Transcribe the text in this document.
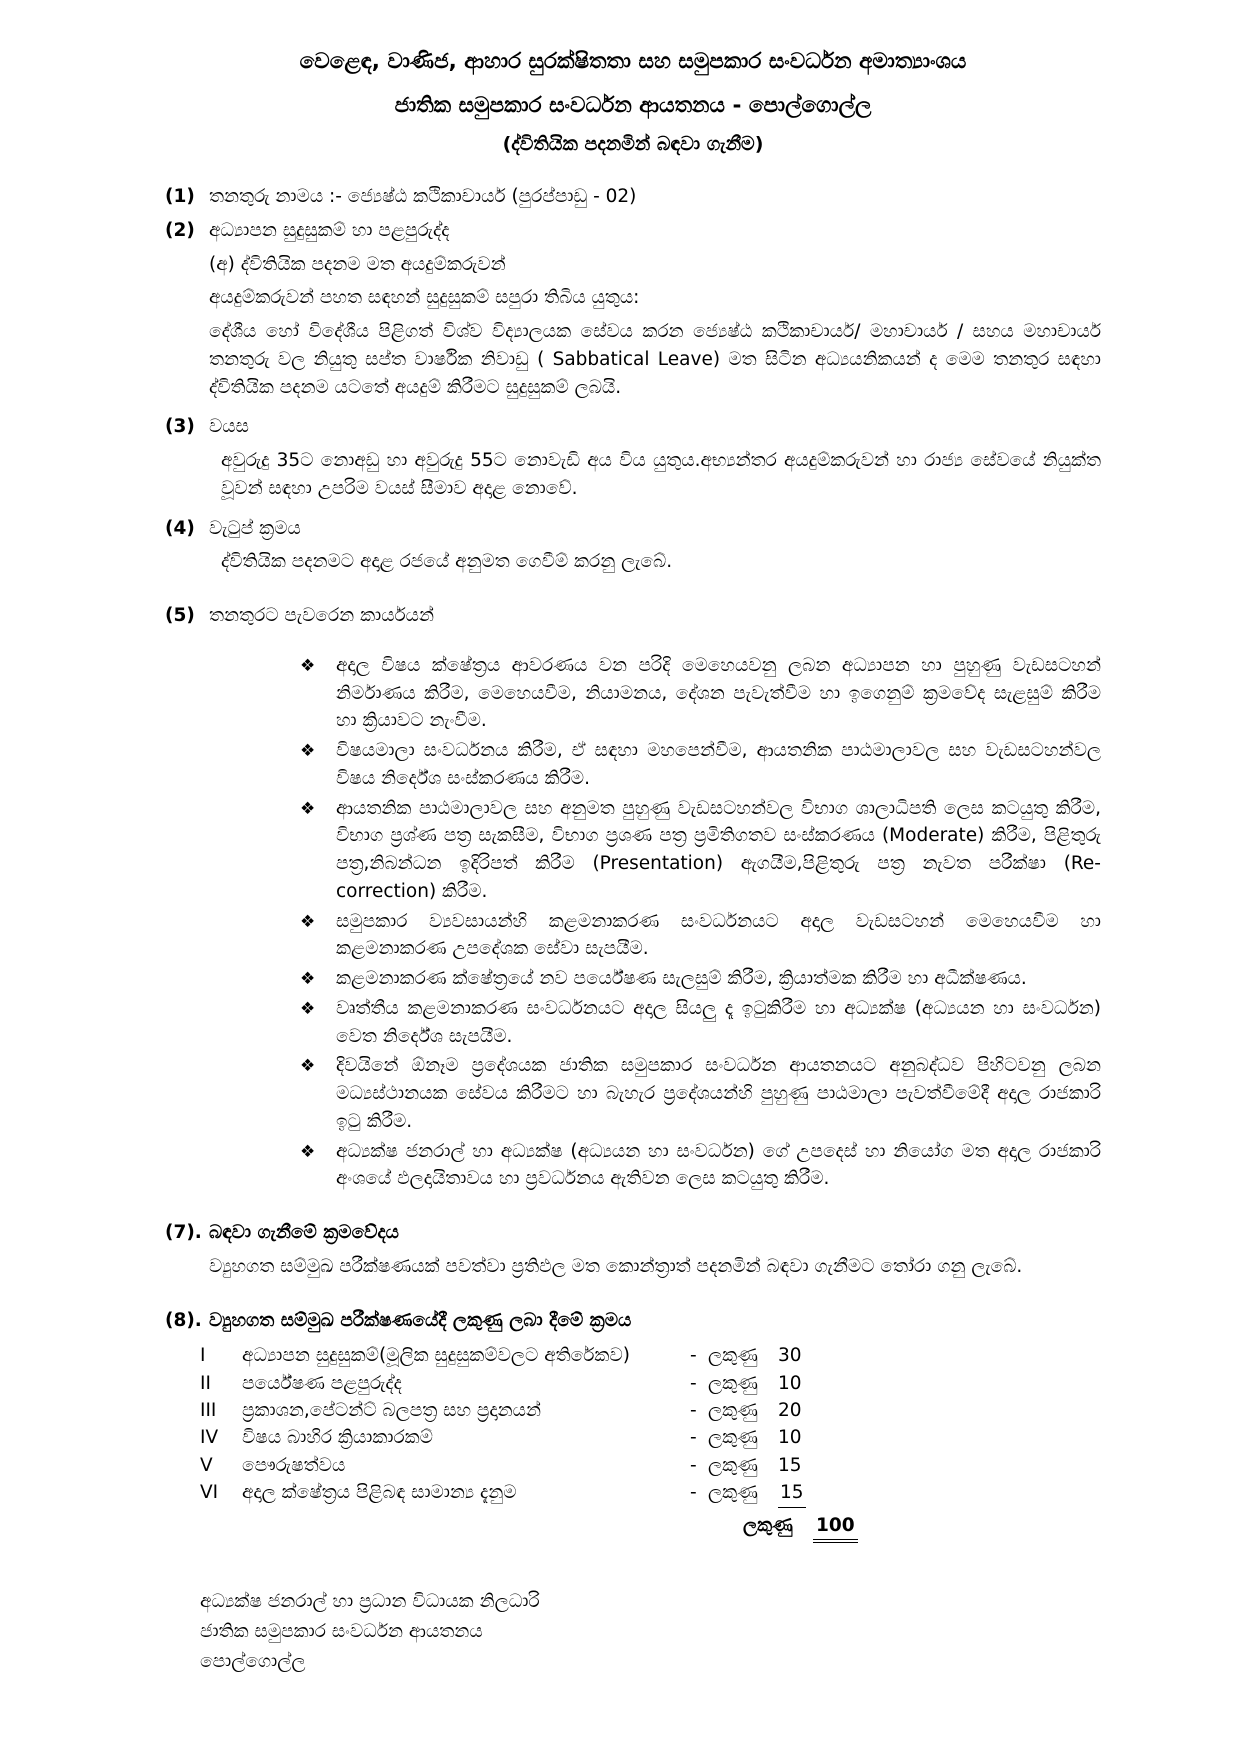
වෙළෙඳ, වාණිජ, ආහාර සුරක්ෂිතතා සහ සමුපකාර සංවර්ධන අමාත්‍යාංශය
ජාතික සමුපකාර සංවර්ධන ආයතනය - පොල්ගොල්ල
(ද්විතියික පදනමින් බඳවා ගැනීම)
(1) තනතුරු නාමය :- ජ්‍යෙෂ්ඨ කථිකාචාර්ය (පුරප්පාඩු - 02)
(2) අධ්‍යාපන සුදුසුකම් හා පළපුරුද්ද
(අ) ද්විතියික පදනම මත අයදුම්කරුවන්
අයදුම්කරුවන් පහත සඳහන් සුදුසුකම් සපුරා තිබිය යුතුය:
දේශීය හෝ විදේශීය පිළිගත් විශ්ව විද්‍යාලයක සේවය කරන ජ්‍යෙෂ්ඨ කථිකාචාර්ය/ මහාචාර්ය / සහය මහාචාර්ය තනතුරු වල නියුතු සප්ත වාර්ෂික නිවාඩු ( Sabbatical Leave) මත සිටින අධ්‍යයනිකයන් ද මෙම තනතුර සඳහා ද්විතියික පදනම යටතේ අයදුම් කිරීමට සුදුසුකම් ලබයි.
(3) වයස
අවුරුදු 35ට නොඅඩු හා අවුරුදු 55ට නොවැඩි අය විය යුතුය.අභ්‍යන්තර අයදුම්කරුවන් හා රාජ්‍ය සේවයේ නියුක්ත වූවන් සඳහා උපරිම වයස් සීමාව අදාළ නොවේ.
(4) වැටුප් ක්‍රමය
ද්විතියික පදනමට අදාළ රජයේ අනුමත ගෙවීම් කරනු ලැබේ.
(5) තනතුරට පැවරෙන කාර්යයන්
❖	අදාල විෂය ක්ෂේත්‍රය ආවරණය වන පරිදි මෙහෙයවනු ලබන අධ්‍යාපන හා පුහුණු වැඩසටහන් නිර්මාණය කිරීම, මෙහෙයවීම, නියාමනය, දේශන පැවැත්වීම හා ඉගෙනුම් ක්‍රමවේද සැළසුම් කිරීම හා ක්‍රියාවට නැංවීම.
❖	විෂයමාලා සංවර්ධනය කිරීම, ඒ සඳහා මහපෙන්වීම, ආයතනික පාඨමාලාවල සහ වැඩසටහන්වල විෂය නිර්දේශ සංස්කරණය කිරීම.
❖	ආයතනික පාඨමාලාවල සහ අනුමත පුහුණු වැඩසටහන්වල විභාග ශාලාධිපති ලෙස කටයුතු කිරීම, විභාග ප්‍රශ්ණ පත්‍ර සැකසීම, විභාග ප්‍රශණ පත්‍ර ප්‍රමිතිගතව සංස්කරණය (Moderate) කිරීම, පිළිතුරු පත්‍ර,නිබන්ධන ඉදිරිපත් කිරීම (Presentation) ඇගයීම,පිළිතුරු පත්‍ර නැවත පරීක්ෂා (Re-correction) කිරීම.
❖	සමුපකාර ව්‍යවසායන්හි කළමනාකරණ සංවර්ධනයට අදාල වැඩසටහන් මෙහෙයවීම හා කළමනාකරණ උපදේශක සේවා සැපයීම.
❖	කළමනාකරණ ක්ෂේත්‍රයේ නව පර්යේෂණ සැලසුම් කිරීම, ක්‍රියාත්මක කිරීම හා අධීක්ෂණය.
❖	වෘත්තීය කළමනාකරණ සංවර්ධනයට අදාල සියලු දෑ ඉටුකිරීම හා අධ්‍යක්ෂ (අධ්‍යයන හා සංවර්ධන) වෙත නිර්දේශ සැපයීම.
❖	දිවයිනේ ඕනෑම ප්‍රදේශයක ජාතික සමුපකාර සංවර්ධන ආයතනයට අනුබද්ධව පිහිටවනු ලබන මධ්‍යස්ථානයක සේවය කිරීමට හා බැහැර ප්‍රදේශයන්හි පුහුණු පාඨමාලා පැවත්වීමේදී අදාල රාජකාරි ඉටු කිරීම.
❖	අධ්‍යක්ෂ ජනරාල් හා අධ්‍යක්ෂ (අධ්‍යයන හා සංවර්ධන) ගේ උපදෙස් හා නියෝග මත අදාල රාජකාරි අංශයේ ඵලදායිතාවය හා ප්‍රවර්ධනය ඇතිවන ලෙස කටයුතු කිරීම.
(7). බඳවා ගැනීමේ ක්‍රමවේදය
ව්‍යුහගත සම්මුඛ පරීක්ෂණයක් පවත්වා ප්‍රතිඵල මත කොන්ත්‍රාත් පදනමින් බඳවා ගැනීමට තෝරා ගනු ලැබේ.
(8). ව්‍යුහගත සම්මුඛ පරීක්ෂණයේදී ලකුණු ලබා දීමේ ක්‍රමය
I	අධ්‍යාපන සුදුසුකම්(මූලික සුදුසුකම්වලට අතිරේකව)	- ලකුණු	30
II	පර්යේෂණ පළපුරුද්ද	- ලකුණු	10
III	ප්‍රකාශන,පේටන්ට් බලපත්‍ර සහ ප්‍රදානයන්	- ලකුණු	20
IV	විෂය බාහිර ක්‍රියාකාරකම්	- ලකුණු	10
V	පෞරුෂත්වය	- ලකුණු	15
VI	අදාල ක්ෂේත්‍රය පිළිබඳ සාමාන්‍ය දැනුම	- ලකුණු	15
ලකුණු	100
අධ්‍යක්ෂ ජනරාල් හා ප්‍රධාන විධායක නිලධාරි
ජාතික සමුපකාර සංවර්ධන ආයතනය
පොල්ගොල්ල
